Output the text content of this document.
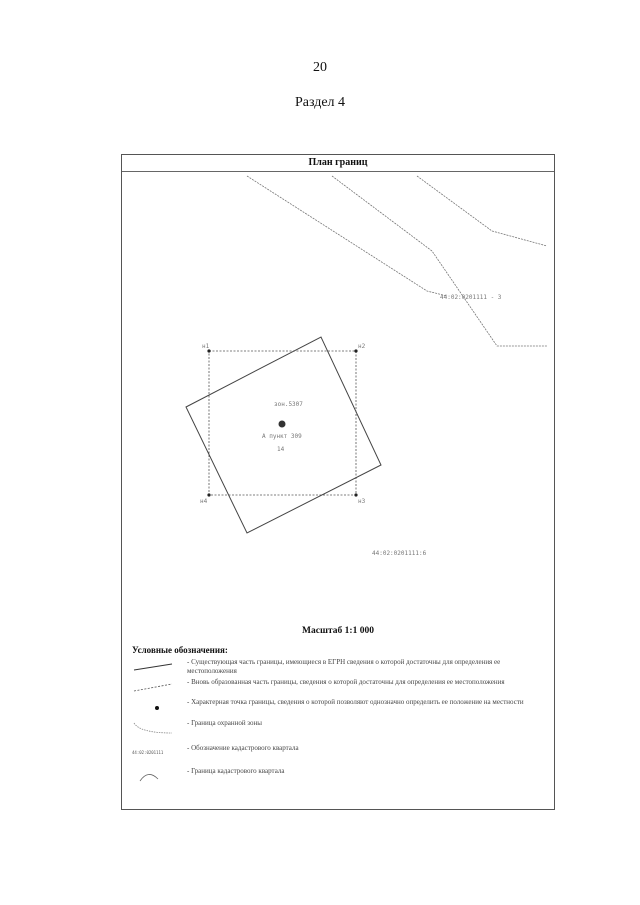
20
Раздел 4
План границ
44:02:0201111 - 3
н1	н2
н3
н4
зон.5307
А пункт 309
14
44:02:0201111:6
Масштаб 1:1 000
Условные обозначения:
- Существующая часть границы, имеющиеся в ЕГРН сведения о которой достаточны для определения ее местоположения
- Вновь образованная часть границы, сведения о которой достаточны для определения ее местоположения
- Характерная точка границы, сведения о которой позволяют однозначно определить ее положение на местности
- Граница охранной зоны
44:02:0201111
- Обозначение кадастрового квартала
- Граница кадастрового квартала
